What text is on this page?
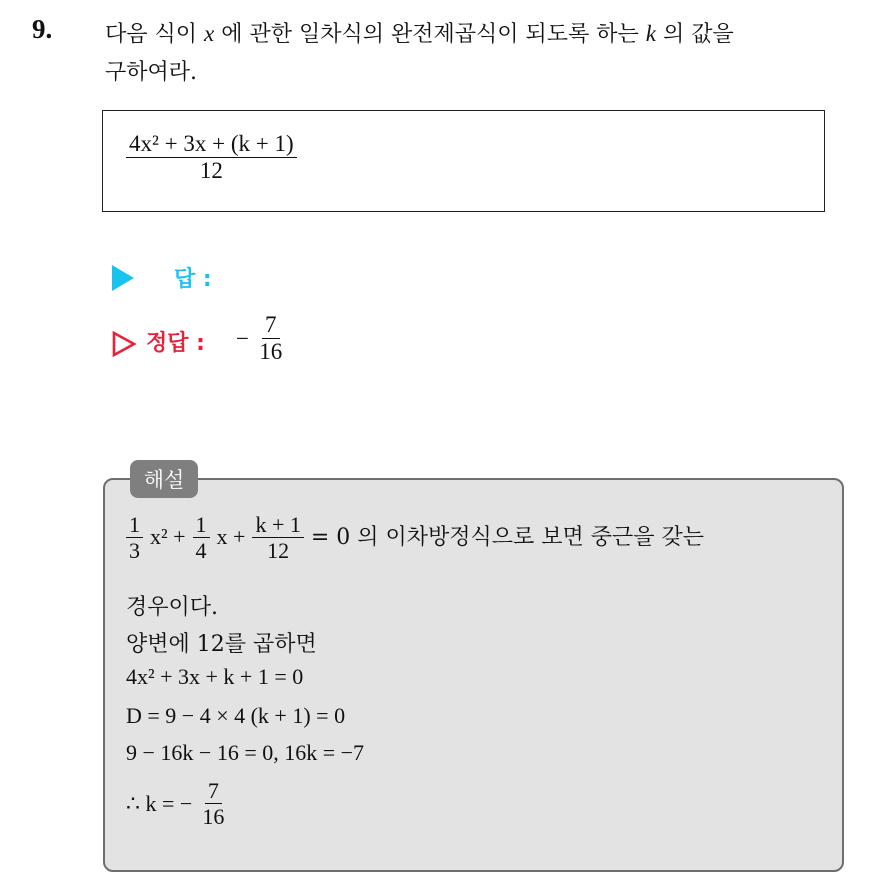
9. 다음 식이 x 에 관한 일차식의 완전제곱식이 되도록 하는 k 의 값을
구하여라.
$\frac{\text{4x² + 3x + (k + 1)}}{12}$
답 :
정답 : − $\frac{7}{16}$
해설
$\frac{1}{3} x^2 + \frac{1}{4}$ $x + \frac{k + 1}{12} = 0$ 의 이차방정식으로 보면 중근을 갖는
경우이다.
양변에 12를 곱하면
4x² + 3x + k + 1 = 0
D = 9 − 4 × 4 (k + 1) = 0
9 − 16k − 16 = 0, 16k = −7
∴ k = − $\frac{7}{16}$
